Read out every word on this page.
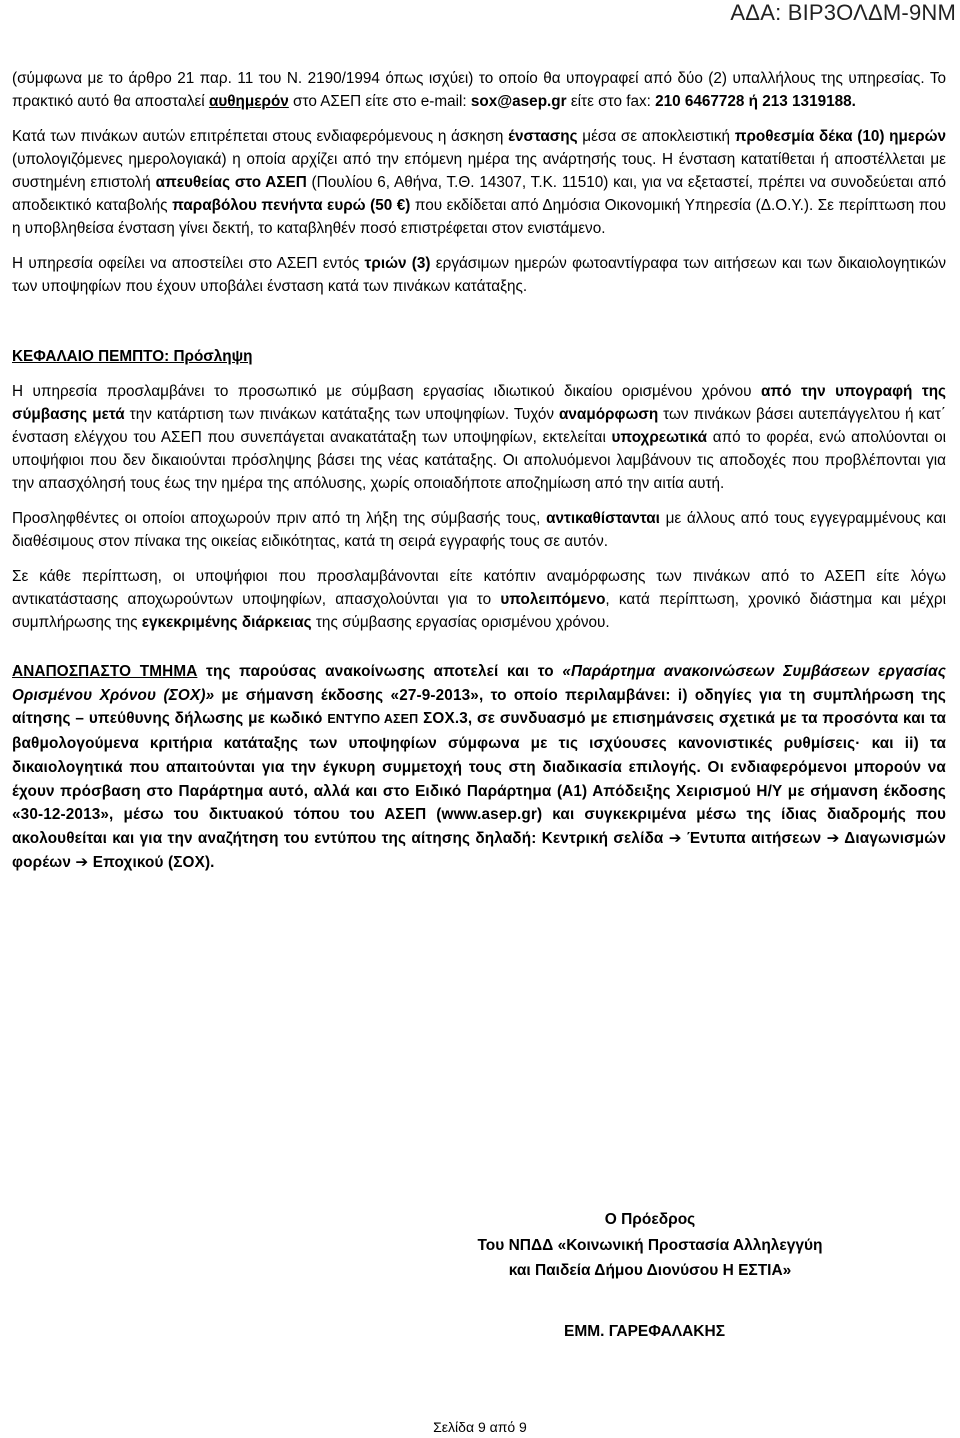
ΑΔΑ: ΒΙΡ3ΟΛΔΜ-9ΝΜ

(σύμφωνα με το άρθρο 21 παρ. 11 του Ν. 2190/1994 όπως ισχύει) το οποίο θα υπογραφεί από δύο (2) υπαλλήλους της υπηρεσίας. Το πρακτικό αυτό θα αποσταλεί αυθημερόν στο ΑΣΕΠ είτε στο e-mail: sox@asep.gr είτε στο fax: 210 6467728 ή 213 1319188.

Κατά των πινάκων αυτών επιτρέπεται στους ενδιαφερόμενους η άσκηση ένστασης μέσα σε αποκλειστική προθεσμία δέκα (10) ημερών (υπολογιζόμενες ημερολογιακά) η οποία αρχίζει από την επόμενη ημέρα της ανάρτησής τους. Η ένσταση κατατίθεται ή αποστέλλεται με συστημένη επιστολή απευθείας στο ΑΣΕΠ (Πουλίου 6, Αθήνα, Τ.Θ. 14307, Τ.Κ. 11510) και, για να εξεταστεί, πρέπει να συνοδεύεται από αποδεικτικό καταβολής παραβόλου πενήντα ευρώ (50 €) που εκδίδεται από Δημόσια Οικονομική Υπηρεσία (Δ.Ο.Υ.). Σε περίπτωση που η υποβληθείσα ένσταση γίνει δεκτή, το καταβληθέν ποσό επιστρέφεται στον ενιστάμενο.

Η υπηρεσία οφείλει να αποστείλει στο ΑΣΕΠ εντός τριών (3) εργάσιμων ημερών φωτοαντίγραφα των αιτήσεων και των δικαιολογητικών των υποψηφίων που έχουν υποβάλει ένσταση κατά των πινάκων κατάταξης.

ΚΕΦΑΛΑΙΟ ΠΕΜΠΤΟ: Πρόσληψη

Η υπηρεσία προσλαμβάνει το προσωπικό με σύμβαση εργασίας ιδιωτικού δικαίου ορισμένου χρόνου από την υπογραφή της σύμβασης μετά την κατάρτιση των πινάκων κατάταξης των υποψηφίων. Τυχόν αναμόρφωση των πινάκων βάσει αυτεπάγγελτου ή κατ΄ ένσταση ελέγχου του ΑΣΕΠ που συνεπάγεται ανακατάταξη των υποψηφίων, εκτελείται υποχρεωτικά από το φορέα, ενώ απολύονται οι υποψήφιοι που δεν δικαιούνται πρόσληψης βάσει της νέας κατάταξης. Οι απολυόμενοι λαμβάνουν τις αποδοχές που προβλέπονται για την απασχόλησή τους έως την ημέρα της απόλυσης, χωρίς οποιαδήποτε αποζημίωση από την αιτία αυτή.

Προσληφθέντες οι οποίοι αποχωρούν πριν από τη λήξη της σύμβασής τους, αντικαθίστανται με άλλους από τους εγγεγραμμένους και διαθέσιμους στον πίνακα της οικείας ειδικότητας, κατά τη σειρά εγγραφής τους σε αυτόν.

Σε κάθε περίπτωση, οι υποψήφιοι που προσλαμβάνονται είτε κατόπιν αναμόρφωσης των πινάκων από το ΑΣΕΠ είτε λόγω αντικατάστασης αποχωρούντων υποψηφίων, απασχολούνται για το υπολειπόμενο, κατά περίπτωση, χρονικό διάστημα και μέχρι συμπλήρωσης της εγκεκριμένης διάρκειας της σύμβασης εργασίας ορισμένου χρόνου.

ΑΝΑΠΟΣΠΑΣΤΟ ΤΜΗΜΑ της παρούσας ανακοίνωσης αποτελεί και το «Παράρτημα ανακοινώσεων Συμβάσεων εργασίας Ορισμένου Χρόνου (ΣΟΧ)» με σήμανση έκδοσης «27-9-2013», το οποίο περιλαμβάνει: i) οδηγίες για τη συμπλήρωση της αίτησης – υπεύθυνης δήλωσης με κωδικό ΕΝΤΥΠΟ ΑΣΕΠ ΣΟΧ.3, σε συνδυασμό με επισημάνσεις σχετικά με τα προσόντα και τα βαθμολογούμενα κριτήρια κατάταξης των υποψηφίων σύμφωνα με τις ισχύουσες κανονιστικές ρυθμίσεις· και ii) τα δικαιολογητικά που απαιτούνται για την έγκυρη συμμετοχή τους στη διαδικασία επιλογής. Οι ενδιαφερόμενοι μπορούν να έχουν πρόσβαση στο Παράρτημα αυτό, αλλά και στο Ειδικό Παράρτημα (Α1) Απόδειξης Χειρισμού Η/Υ με σήμανση έκδοσης «30-12-2013», μέσω του δικτυακού τόπου του ΑΣΕΠ (www.asep.gr) και συγκεκριμένα μέσω της ίδιας διαδρομής που ακολουθείται και για την αναζήτηση του εντύπου της αίτησης δηλαδή: Κεντρική σελίδα ➔ Έντυπα αιτήσεων ➔ Διαγωνισμών φορέων ➔ Εποχικού (ΣΟΧ).

Ο Πρόεδρος
Του ΝΠΔΔ «Κοινωνική Προστασία Αλληλεγγύη
και Παιδεία Δήμου Διονύσου Η ΕΣΤΙΑ»
ΕΜΜ. ΓΑΡΕΦΑΛΑΚΗΣ
Σελίδα 9 από 9
